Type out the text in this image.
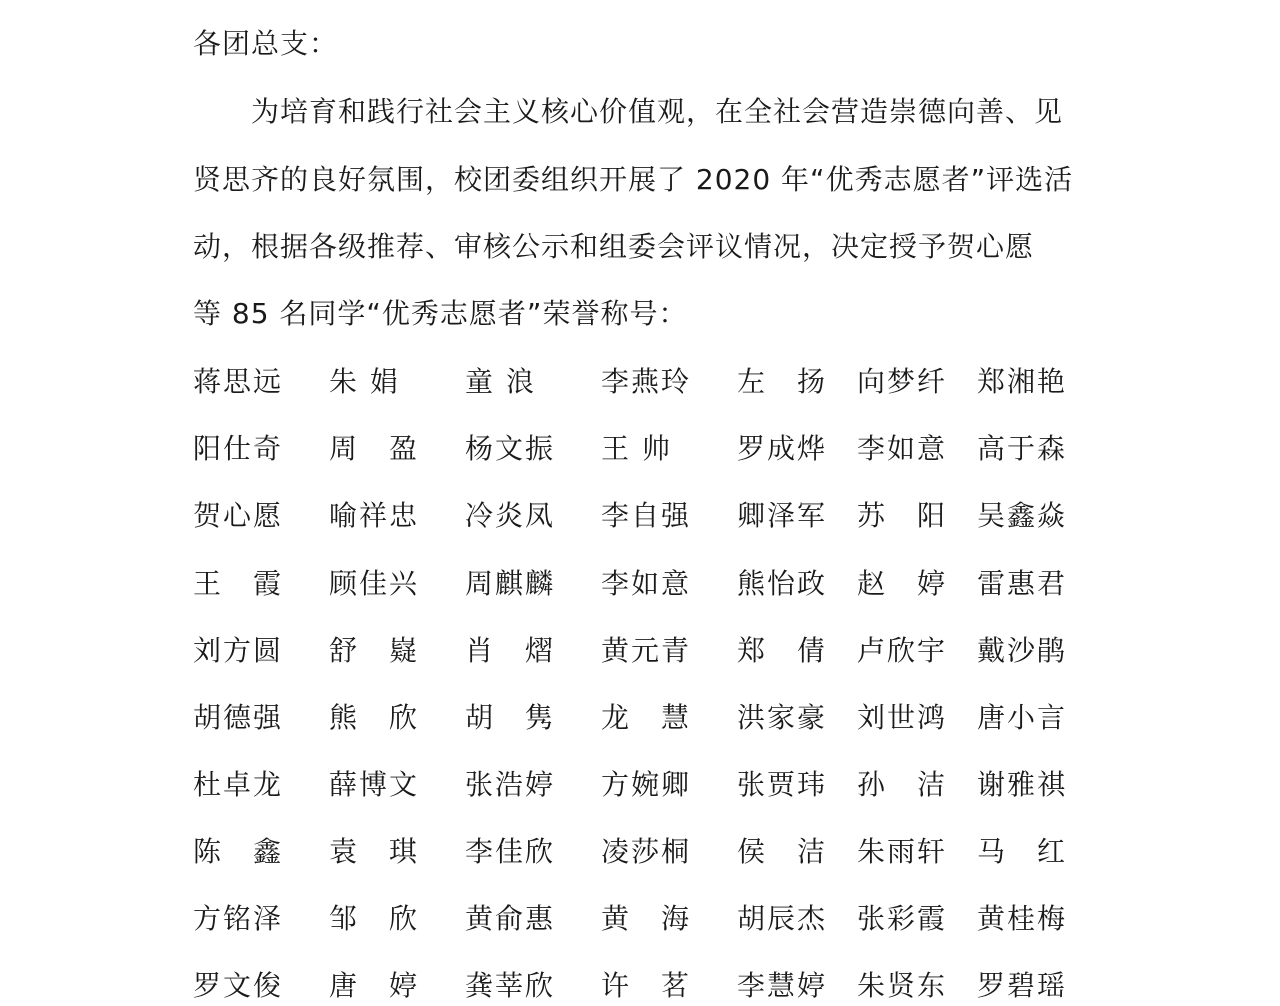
各团总支：
为培育和践行社会主义核心价值观，在全社会营造崇德向善、见
贤思齐的良好氛围，校团委组织开展了 2020 年“优秀志愿者”评选活
动，根据各级推荐、审核公示和组委会评议情况，决定授予贺心愿
等 85 名同学“优秀志愿者”荣誉称号：
蒋思远 朱 娟 童 浪 李燕玲 左　扬 向梦纤 郑湘艳
阳仕奇 周　盈 杨文振 王 帅 罗成烨 李如意 高于森
贺心愿 喻祥忠 冷炎凤 李自强 卿泽军 苏　阳 吴鑫焱
王　霞 顾佳兴 周麒麟 李如意 熊怡政 赵　婷 雷惠君
刘方圆 舒　嶷 肖　熠 黄元青 郑　倩 卢欣宇 戴沙鹃
胡德强 熊　欣 胡　隽 龙　慧 洪家豪 刘世鸿 唐小言
杜卓龙 薛博文 张浩婷 方婉卿 张贾玮 孙　洁 谢雅祺
陈　鑫 袁　琪 李佳欣 凌莎桐 侯　洁 朱雨轩 马　红
方铭泽 邹　欣 黄俞惠 黄　海 胡辰杰 张彩霞 黄桂梅
罗文俊 唐　婷 龚莘欣 许　茗 李慧婷 朱贤东 罗碧瑶
